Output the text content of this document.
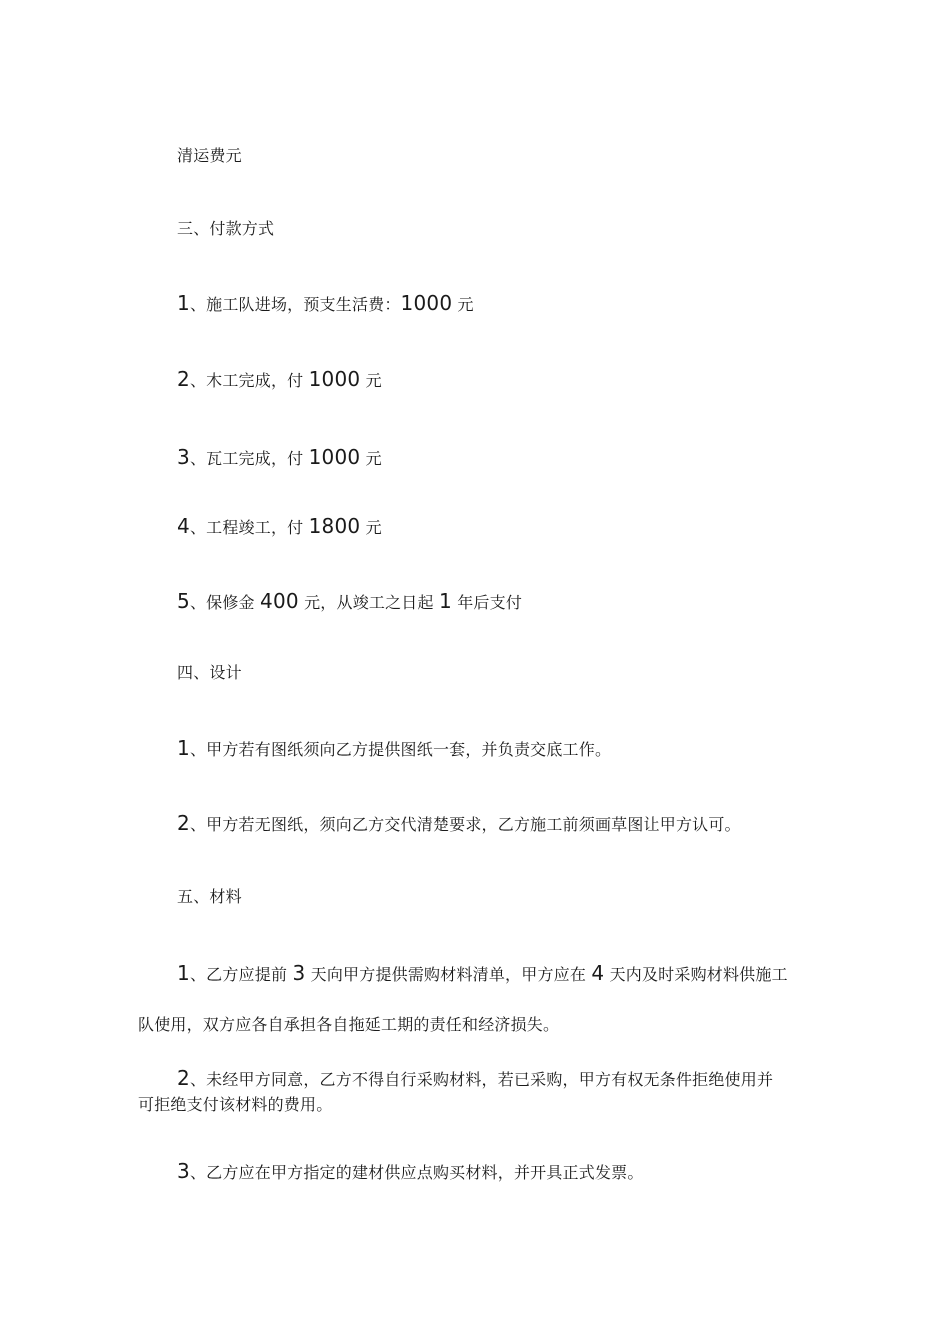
清运费元
三、付款方式
1、施工队进场，预支生活费：1000 元
2、木工完成，付 1000 元
3、瓦工完成，付 1000 元
4、工程竣工，付 1800 元
5、保修金 400 元，从竣工之日起 1 年后支付
四、设计
1、甲方若有图纸须向乙方提供图纸一套，并负责交底工作。
2、甲方若无图纸，须向乙方交代清楚要求，乙方施工前须画草图让甲方认可。
五、材料
1、乙方应提前 3 天向甲方提供需购材料清单，甲方应在 4 天内及时采购材料供施工
队使用，双方应各自承担各自拖延工期的责任和经济损失。
2、未经甲方同意，乙方不得自行采购材料，若已采购，甲方有权无条件拒绝使用并
可拒绝支付该材料的费用。
3、乙方应在甲方指定的建材供应点购买材料，并开具正式发票。
